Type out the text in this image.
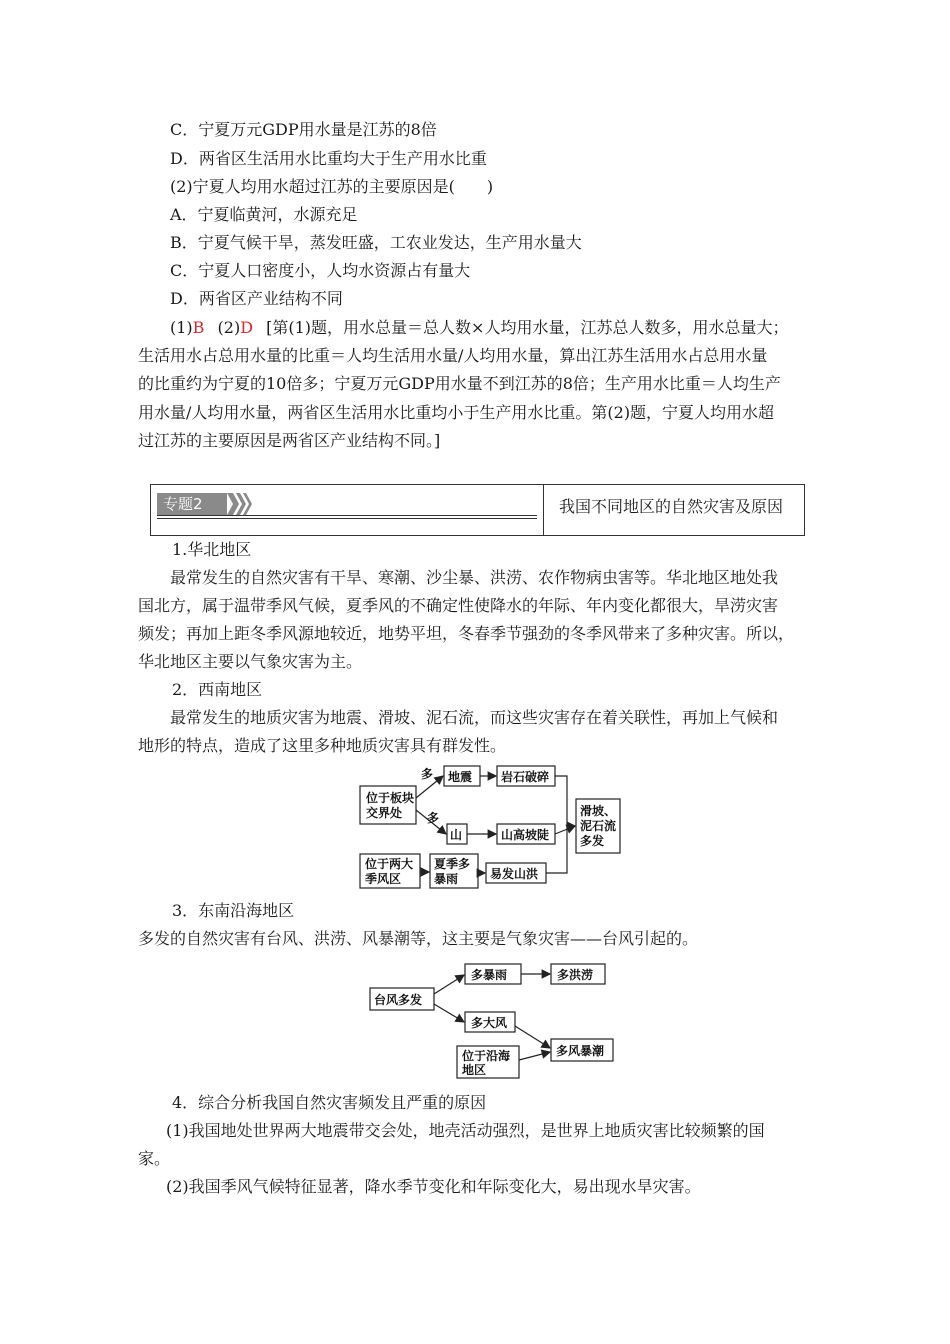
C．宁夏万元GDP用水量是江苏的8倍
D．两省区生活用水比重均大于生产用水比重
(2)宁夏人均用水超过江苏的主要原因是(　　)
A．宁夏临黄河，水源充足
B．宁夏气候干旱，蒸发旺盛，工农业发达，生产用水量大
C．宁夏人口密度小，人均水资源占有量大
D．两省区产业结构不同
(1)B (2)D [第(1)题，用水总量＝总人数×人均用水量，江苏总人数多，用水总量大；
生活用水占总用水量的比重＝人均生活用水量/人均用水量，算出江苏生活用水占总用水量
的比重约为宁夏的10倍多；宁夏万元GDP用水量不到江苏的8倍；生产用水比重＝人均生产
用水量/人均用水量，两省区生活用水比重均小于生产用水比重。第(2)题，宁夏人均用水超
过江苏的主要原因是两省区产业结构不同。]
专题2	我国不同地区的自然灾害及原因
1.华北地区
最常发生的自然灾害有干旱、寒潮、沙尘暴、洪涝、农作物病虫害等。华北地区地处我
国北方，属于温带季风气候，夏季风的不确定性使降水的年际、年内变化都很大，旱涝灾害
频发；再加上距冬季风源地较近，地势平坦，冬春季节强劲的冬季风带来了多种灾害。所以，
华北地区主要以气象灾害为主。
2．西南地区
最常发生的地质灾害为地震、滑坡、泥石流，而这些灾害存在着关联性，再加上气候和
地形的特点，造成了这里多种地质灾害具有群发性。
位于板块
交界处
地震 岩石破碎
山	山高坡陡
滑坡、
泥石流
多发
位于两大
季风区
夏季多
暴雨	易发山洪
多
多
3．东南沿海地区
多发的自然灾害有台风、洪涝、风暴潮等，这主要是气象灾害——台风引起的。
台风多发
多暴雨	多洪涝
多大风
位于沿海
地区
多风暴潮
4．综合分析我国自然灾害频发且严重的原因
(1)我国地处世界两大地震带交会处，地壳活动强烈，是世界上地质灾害比较频繁的国
家。
(2)我国季风气候特征显著，降水季节变化和年际变化大，易出现水旱灾害。
